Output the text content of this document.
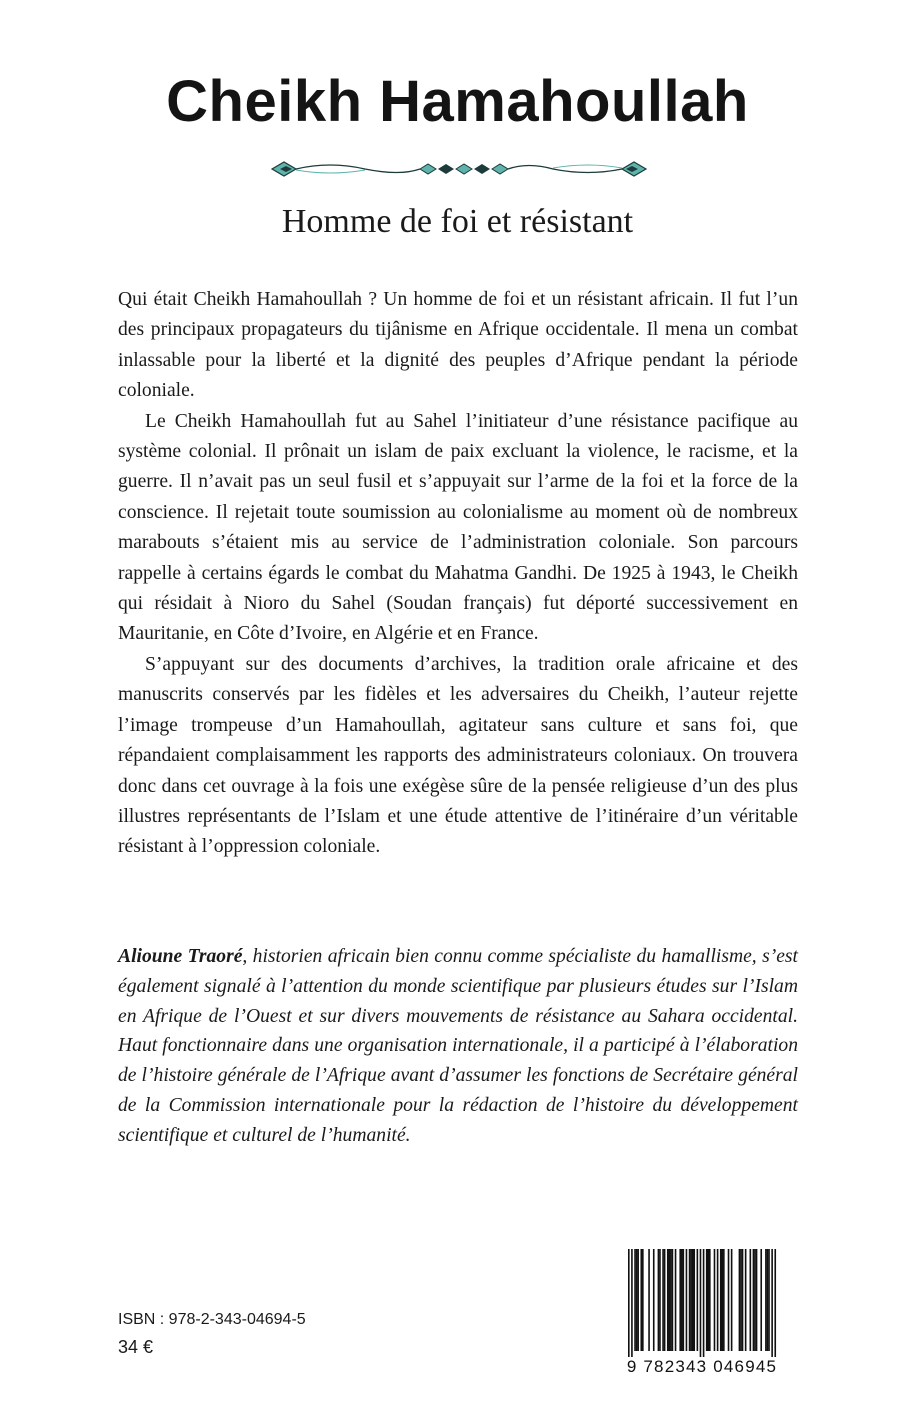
Cheikh Hamahoullah
Homme de foi et résistant

Qui était Cheikh Hamahoullah ? Un homme de foi et un résistant africain. Il fut l’un des principaux propagateurs du tijânisme en Afrique occidentale. Il mena un combat inlassable pour la liberté et la dignité des peuples d’Afrique pendant la période coloniale.

Le Cheikh Hamahoullah fut au Sahel l’initiateur d’une résistance pacifique au système colonial. Il prônait un islam de paix excluant la violence, le racisme, et la guerre. Il n’avait pas un seul fusil et s’appuyait sur l’arme de la foi et la force de la conscience. Il rejetait toute soumission au colonialisme au moment où de nombreux marabouts s’étaient mis au service de l’administration coloniale. Son parcours rappelle à certains égards le combat du Mahatma Gandhi. De 1925 à 1943, le Cheikh qui résidait à Nioro du Sahel (Soudan français) fut déporté successivement en Mauritanie, en Côte d’Ivoire, en Algérie et en France.

S’appuyant sur des documents d’archives, la tradition orale africaine et des manuscrits conservés par les fidèles et les adversaires du Cheikh, l’auteur rejette l’image trompeuse d’un Hamahoullah, agitateur sans culture et sans foi, que répandaient complaisamment les rapports des administrateurs coloniaux. On trouvera donc dans cet ouvrage à la fois une exégèse sûre de la pensée religieuse d’un des plus illustres représentants de l’Islam et une étude attentive de l’itinéraire d’un véritable résistant à l’oppression coloniale.

Alioune Traoré, historien africain bien connu comme spécialiste du hamallisme, s’est également signalé à l’attention du monde scientifique par plusieurs études sur l’Islam en Afrique de l’Ouest et sur divers mouvements de résistance au Sahara occidental. Haut fonctionnaire dans une organisation internationale, il a participé à l’élaboration de l’histoire générale de l’Afrique avant d’assumer les fonctions de Secrétaire général de la Commission internationale pour la rédaction de l’histoire du développement scientifique et culturel de l’humanité.

ISBN : 978-2-343-04694-5
34 €
9 782343 046945
